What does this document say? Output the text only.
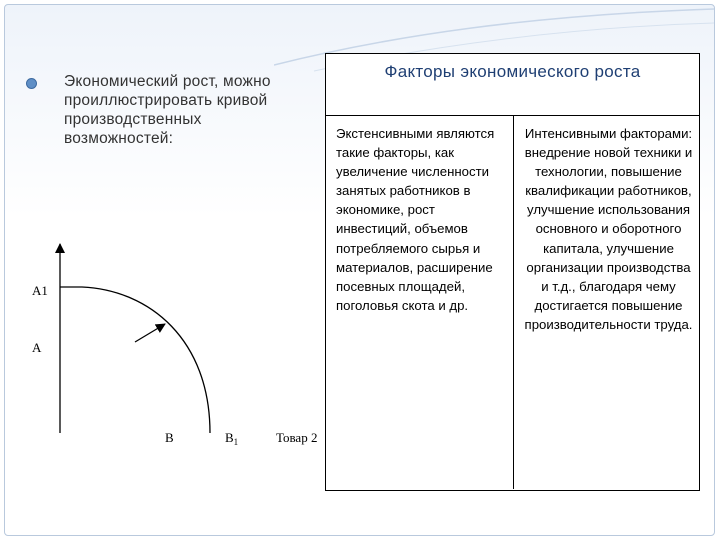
Экономический рост, можно проиллюстрировать кривой производственных возможностей:
A1
A
B	$B_1$	Товар 2
Факторы экономического роста
Экстенсивными являются такие факторы, как увеличение численности занятых работников в экономике, рост инвестиций, объемов потребляемого сырья и материалов, расширение посевных площадей, поголовья скота и др.
Интенсивными факторами: внедрение новой техники и технологии, повышение квалификации работников, улучшение использования основного и оборотного капитала, улучшение организации производства и т.д., благодаря чему достигается повышение производительности труда.
